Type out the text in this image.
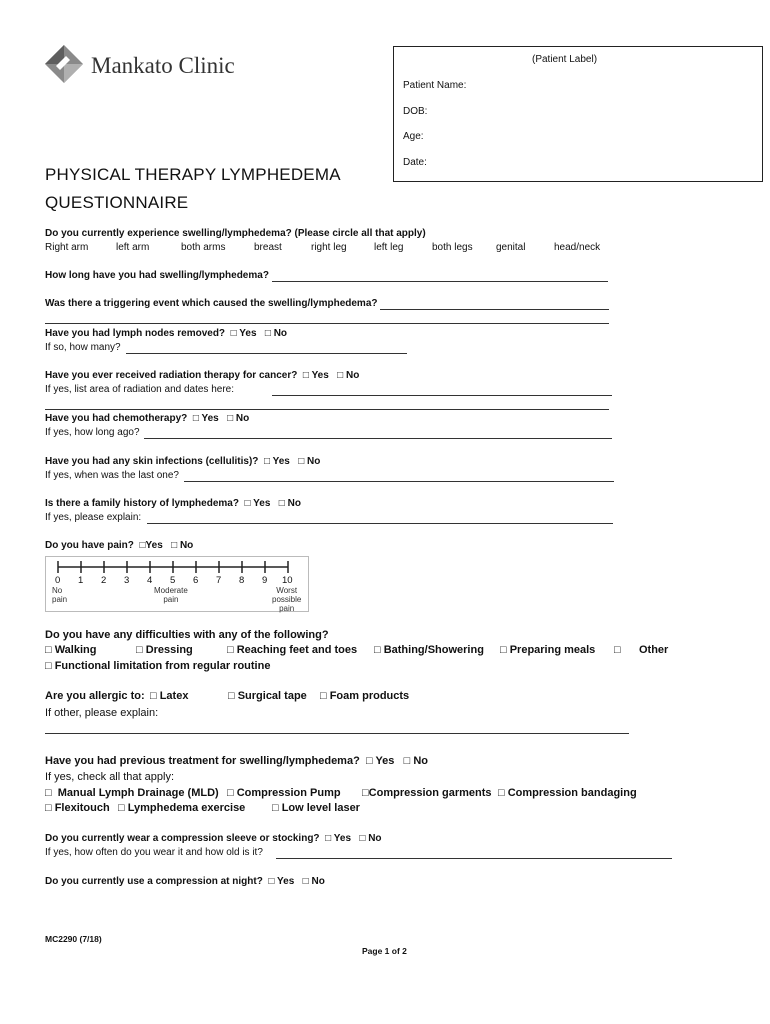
Mankato Clinic	(Patient Label)
Patient Name:
DOB:
Age:
Date:
PHYSICAL THERAPY LYMPHEDEMA
QUESTIONNAIRE
Do you currently experience swelling/lymphedema? (Please circle all that apply)
Right arm	left arm	both arms	breast	right leg	left leg	both legs genital	head/neck
How long have you had swelling/lymphedema?
Was there a triggering event which caused the swelling/lymphedema?
Have you had lymph nodes removed? □ Yes □ No
If so, how many?
Have you ever received radiation therapy for cancer? □ Yes □ No
If yes, list area of radiation and dates here:
Have you had chemotherapy? □ Yes □ No
If yes, how long ago?
Have you had any skin infections (cellulitis)? □ Yes □ No
If yes, when was the last one?
Is there a family history of lymphedema? □ Yes □ No
If yes, please explain:
Do you have pain? □Yes □ No
0 1 2 3 4 5 6 7 8 9 10
No
pain
Moderate
pain
Worst
possible
pain
Do you have any difficulties with any of the following?
□ Walking	□ Dressing	□ Reaching feet and toes □ Bathing/Showering □ Preparing meals □      Other
□ Functional limitation from regular routine
Are you allergic to: □ Latex	□ Surgical tape □ Foam products
If other, please explain:
Have you had previous treatment for swelling/lymphedema? □ Yes □ No
If yes, check all that apply:
□  Manual Lymph Drainage (MLD) □ Compression Pump □Compression garments □ Compression bandaging
□ Flexitouch □ Lymphedema exercise □ Low level laser
Do you currently wear a compression sleeve or stocking? □ Yes □ No
If yes, how often do you wear it and how old is it?
Do you currently use a compression at night? □ Yes □ No
MC2290 (7/18)
Page 1 of 2
